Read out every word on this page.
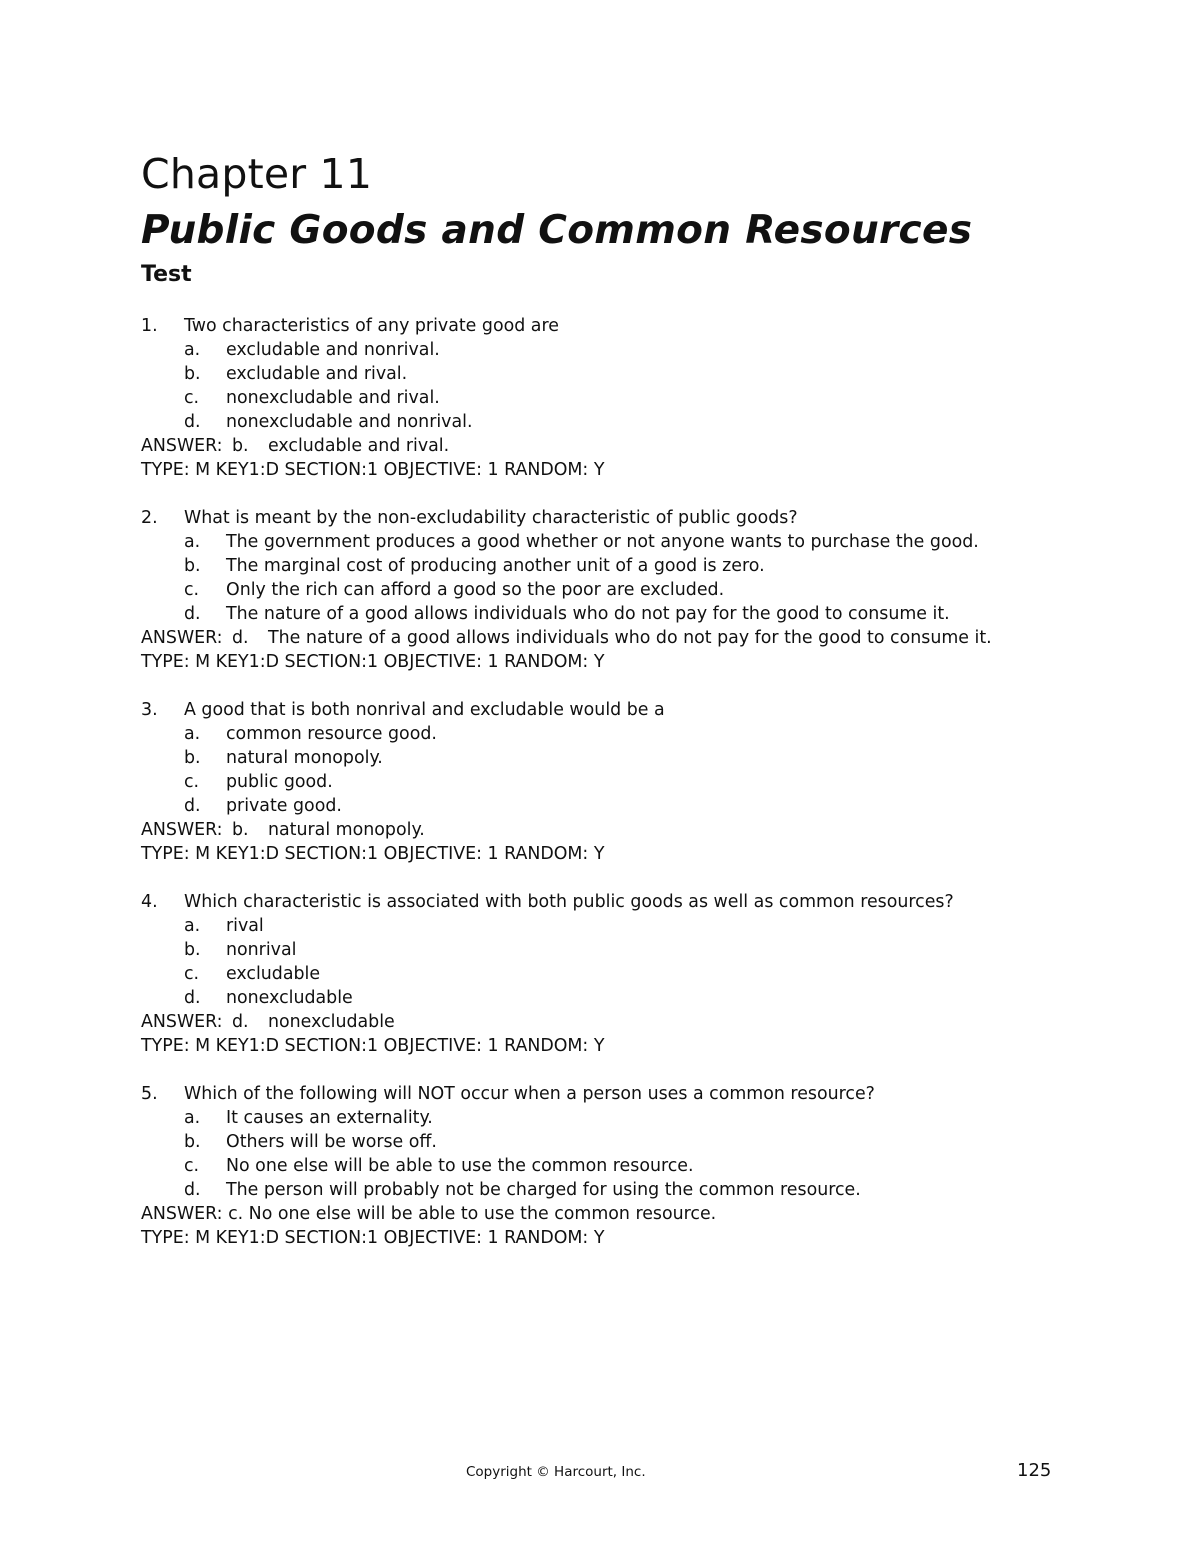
Chapter 11
Public Goods and Common Resources
Test
1. Two characteristics of any private good are
a. excludable and nonrival.
b. excludable and rival.
c. nonexcludable and rival.
d. nonexcludable and nonrival.
ANSWER: b. excludable and rival.
TYPE: M KEY1:D SECTION:1 OBJECTIVE: 1 RANDOM: Y
2. What is meant by the non-excludability characteristic of public goods?
a. The government produces a good whether or not anyone wants to purchase the good.
b. The marginal cost of producing another unit of a good is zero.
c. Only the rich can afford a good so the poor are excluded.
d. The nature of a good allows individuals who do not pay for the good to consume it.
ANSWER: d. The nature of a good allows individuals who do not pay for the good to consume it.
TYPE: M KEY1:D SECTION:1 OBJECTIVE: 1 RANDOM: Y
3. A good that is both nonrival and excludable would be a
a. common resource good.
b. natural monopoly.
c. public good.
d. private good.
ANSWER: b. natural monopoly.
TYPE: M KEY1:D SECTION:1 OBJECTIVE: 1 RANDOM: Y
4. Which characteristic is associated with both public goods as well as common resources?
a. rival
b. nonrival
c. excludable
d. nonexcludable
ANSWER: d. nonexcludable
TYPE: M KEY1:D SECTION:1 OBJECTIVE: 1 RANDOM: Y
5. Which of the following will NOT occur when a person uses a common resource?
a. It causes an externality.
b. Others will be worse off.
c. No one else will be able to use the common resource.
d. The person will probably not be charged for using the common resource.
ANSWER: c. No one else will be able to use the common resource.
TYPE: M KEY1:D SECTION:1 OBJECTIVE: 1 RANDOM: Y
Copyright © Harcourt, Inc.	125
